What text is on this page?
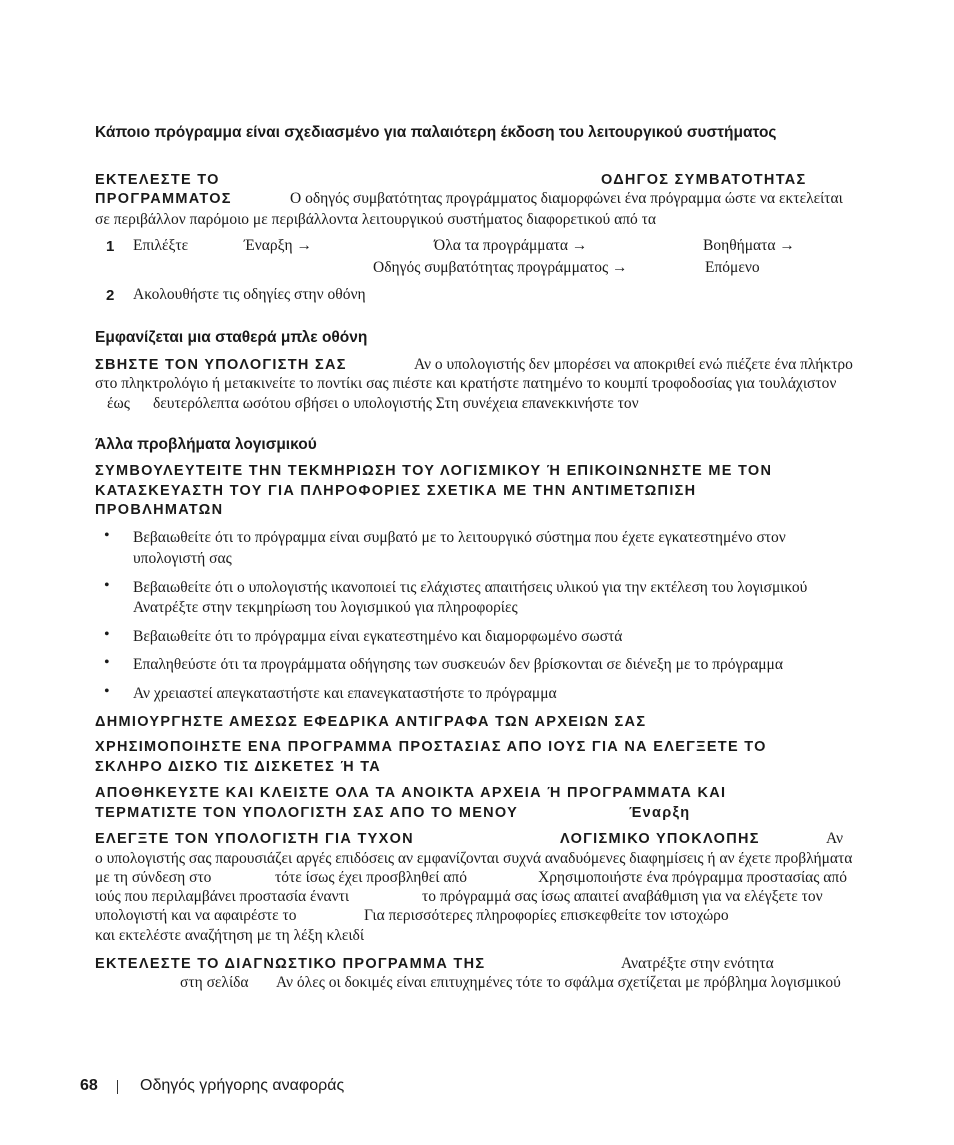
Κάποιο πρόγραμμα είναι σχεδιασμένο για παλαιότερη έκδοση του λειτουργικού συστήματος
ΕΚΤΕΛΕΣΤΕ ΤΟ	ΟΔΗΓΟΣ ΣΥΜΒΑΤΟΤΗΤΑΣ
ΠΡΟΓΡΑΜΜΑΤΟΣ	Ο οδηγός συμβατότητας προγράμματος διαμορφώνει ένα πρόγραμμα ώστε να εκτελείται
σε περιβάλλον παρόμοιο με περιβάλλοντα λειτουργικού συστήματος διαφορετικού από τα
1 Επιλέξτε	Έναρξη →	Όλα τα προγράμματα →	Βοηθήματα →
Οδηγός συμβατότητας προγράμματος →	Επόμενο
2 Ακολουθήστε τις οδηγίες στην οθόνη
Εμφανίζεται μια σταθερά μπλε οθόνη
ΣΒΗΣΤΕ ΤΟΝ ΥΠΟΛΟΓΙΣΤΗ ΣΑΣ	Αν ο υπολογιστής δεν μπορέσει να αποκριθεί ενώ πιέζετε ένα πλήκτρο
στο πληκτρολόγιο ή μετακινείτε το ποντίκι σας πιέστε και κρατήστε πατημένο το κουμπί τροφοδοσίας για τουλάχιστον
έως δευτερόλεπτα ωσότου σβήσει ο υπολογιστής Στη συνέχεια επανεκκινήστε τον
Άλλα προβλήματα λογισμικού
ΣΥΜΒΟΥΛΕΥΤΕΙΤΕ ΤΗΝ ΤΕΚΜΗΡΙΩΣΗ ΤΟΥ ΛΟΓΙΣΜΙΚΟΥ Ή ΕΠΙΚΟΙΝΩΝΗΣΤΕ ΜΕ ΤΟΝ
ΚΑΤΑΣΚΕΥΑΣΤΗ ΤΟΥ ΓΙΑ ΠΛΗΡΟΦΟΡΙΕΣ ΣΧΕΤΙΚΑ ΜΕ ΤΗΝ ΑΝΤΙΜΕΤΩΠΙΣΗ
ΠΡΟΒΛΗΜΑΤΩΝ
• Βεβαιωθείτε ότι το πρόγραμμα είναι συμβατό με το λειτουργικό σύστημα που έχετε εγκατεστημένο στον
υπολογιστή σας
• Βεβαιωθείτε ότι ο υπολογιστής ικανοποιεί τις ελάχιστες απαιτήσεις υλικού για την εκτέλεση του λογισμικού
Ανατρέξτε στην τεκμηρίωση του λογισμικού για πληροφορίες
• Βεβαιωθείτε ότι το πρόγραμμα είναι εγκατεστημένο και διαμορφωμένο σωστά
• Επαληθεύστε ότι τα προγράμματα οδήγησης των συσκευών δεν βρίσκονται σε διένεξη με το πρόγραμμα
• Αν χρειαστεί απεγκαταστήστε και επανεγκαταστήστε το πρόγραμμα
ΔΗΜΙΟΥΡΓΗΣΤΕ ΑΜΕΣΩΣ ΕΦΕΔΡΙΚΑ ΑΝΤΙΓΡΑΦΑ ΤΩΝ ΑΡΧΕΙΩΝ ΣΑΣ
ΧΡΗΣΙΜΟΠΟΙΗΣΤΕ ΕΝΑ ΠΡΟΓΡΑΜΜΑ ΠΡΟΣΤΑΣΙΑΣ ΑΠΟ ΙΟΥΣ ΓΙΑ ΝΑ ΕΛΕΓΞΕΤΕ ΤΟ
ΣΚΛΗΡΟ ΔΙΣΚΟ ΤΙΣ ΔΙΣΚΕΤΕΣ Ή ΤΑ
ΑΠΟΘΗΚΕΥΣΤΕ ΚΑΙ ΚΛΕΙΣΤΕ ΟΛΑ ΤΑ ΑΝΟΙΚΤΑ ΑΡΧΕΙΑ Ή ΠΡΟΓΡΑΜΜΑΤΑ ΚΑΙ
ΤΕΡΜΑΤΙΣΤΕ ΤΟΝ ΥΠΟΛΟΓΙΣΤΗ ΣΑΣ ΑΠΟ ΤΟ ΜΕΝΟΥ	Έναρξη
ΕΛΕΓΞΤΕ ΤΟΝ ΥΠΟΛΟΓΙΣΤΗ ΓΙΑ ΤΥΧΟΝ	ΛΟΓΙΣΜΙΚΟ ΥΠΟΚΛΟΠΗΣ	Αν
ο υπολογιστής σας παρουσιάζει αργές επιδόσεις αν εμφανίζονται συχνά αναδυόμενες διαφημίσεις ή αν έχετε προβλήματα
με τη σύνδεση στο	τότε ίσως έχει προσβληθεί από	Χρησιμοποιήστε ένα πρόγραμμα προστασίας από
ιούς που περιλαμβάνει προστασία έναντι	το πρόγραμμά σας ίσως απαιτεί αναβάθμιση για να ελέγξετε τον
υπολογιστή και να αφαιρέστε το	Για περισσότερες πληροφορίες επισκεφθείτε τον ιστοχώρο
και εκτελέστε αναζήτηση με τη λέξη κλειδί
ΕΚΤΕΛΕΣΤΕ ΤΟ ΔΙΑΓΝΩΣΤΙΚΟ ΠΡΟΓΡΑΜΜΑ ΤΗΣ	Ανατρέξτε στην ενότητα
στη σελίδα Αν όλες οι δοκιμές είναι επιτυχημένες τότε το σφάλμα σχετίζεται με πρόβλημα λογισμικού
68	Οδηγός γρήγορης αναφοράς
